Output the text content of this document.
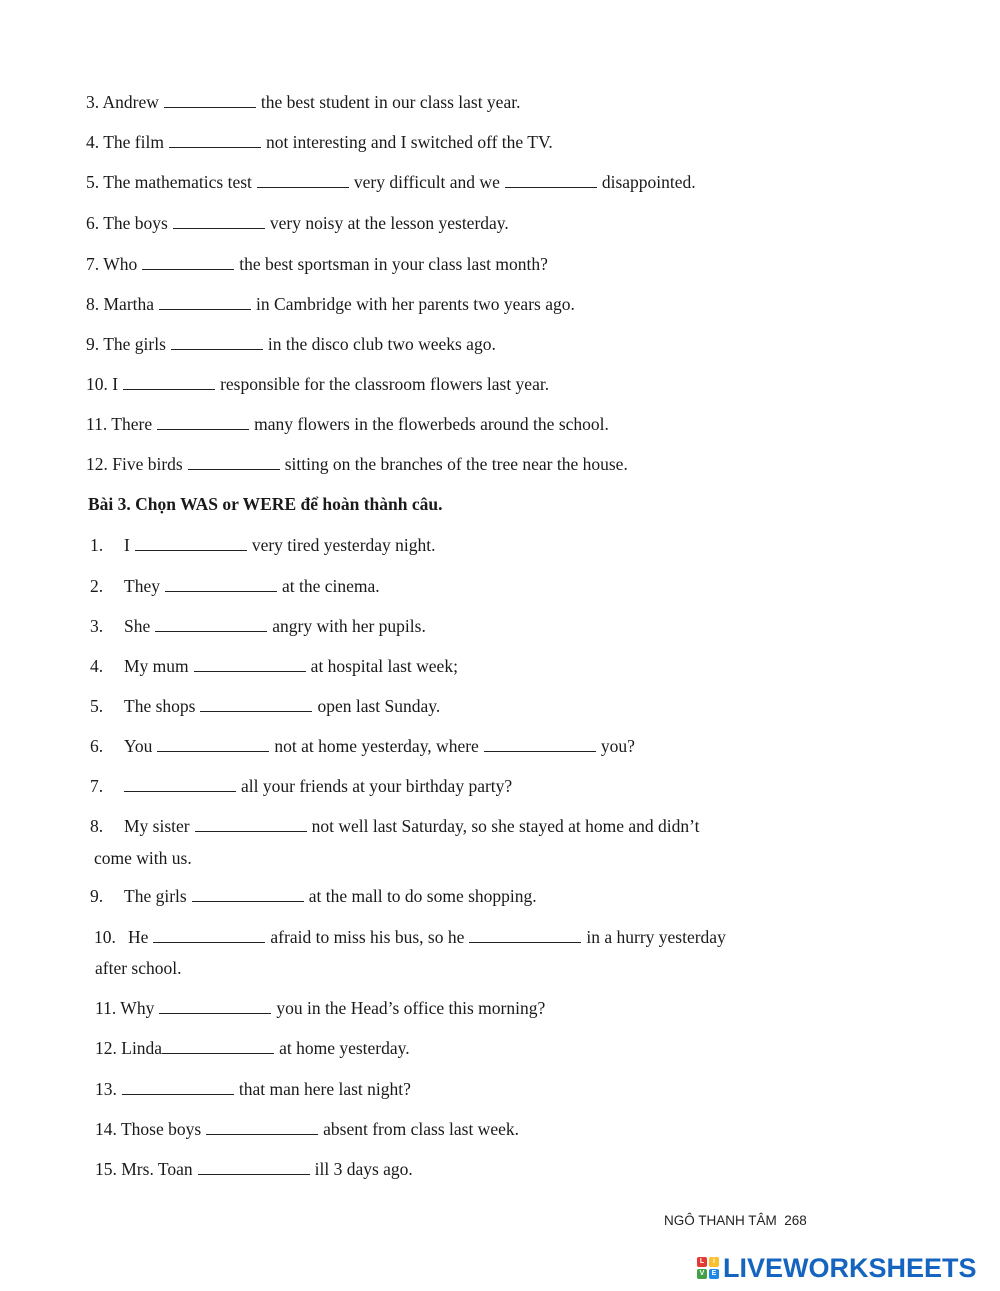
3. Andrew	the best student in our class last year.
4. The film	not interesting and I switched off the TV.
5. The mathematics test	very difficult and we	disappointed.
6. The boys	very noisy at the lesson yesterday.
7. Who	the best sportsman in your class last month?
8. Martha	in Cambridge with her parents two years ago.
9. The girls	in the disco club two weeks ago.
10. I	responsible for the classroom flowers last year.
11. There	many flowers in the flowerbeds around the school.
12. Five birds	sitting on the branches of the tree near the house.
Bài 3. Chọn WAS or WERE để hoàn thành câu.
1. I	very tired yesterday night.
2. They	at the cinema.
3. She	angry with her pupils.
4. My mum	at hospital last week;
5. The shops	open last Sunday.
6. You	not at home yesterday, where	you?
7.	all your friends at your birthday party?
8. My sister	not well last Saturday, so she stayed at home and didn’t
come with us.
9. The girls	at the mall to do some shopping.
10. He	afraid to miss his bus, so he	in a hurry yesterday
after school.
11. Why	you in the Head’s office this morning?
12. Linda	at home yesterday.
13.	that man here last night?
14. Those boys	absent from class last week.
15. Mrs. Toan	ill 3 days ago.
NGÔ THANH TÂM 268
L	i
V	E LIVEWORKSHEETS
